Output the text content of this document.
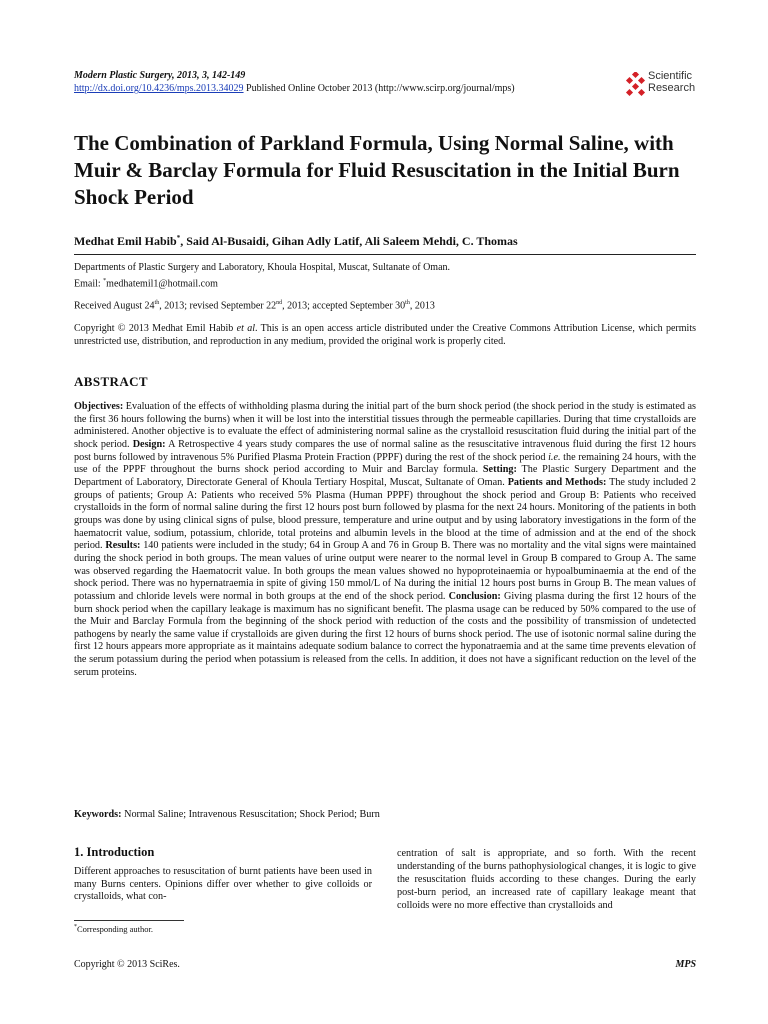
Modern Plastic Surgery, 2013, 3, 142-149
http://dx.doi.org/10.4236/mps.2013.34029 Published Online October 2013 (http://www.scirp.org/journal/mps)
Scientific
Research
The Combination of Parkland Formula, Using Normal Saline, with Muir & Barclay Formula for Fluid Resuscitation in the Initial Burn Shock Period
Medhat Emil Habib*, Said Al-Busaidi, Gihan Adly Latif, Ali Saleem Mehdi, C. Thomas
Departments of Plastic Surgery and Laboratory, Khoula Hospital, Muscat, Sultanate of Oman.
Email: *medhatemil1@hotmail.com
Received August 24th, 2013; revised September 22nd, 2013; accepted September 30th, 2013
Copyright © 2013 Medhat Emil Habib et al. This is an open access article distributed under the Creative Commons Attribution License, which permits unrestricted use, distribution, and reproduction in any medium, provided the original work is properly cited.
ABSTRACT
Objectives: Evaluation of the effects of withholding plasma during the initial part of the burn shock period (the shock period in the study is estimated as the first 36 hours following the burns) when it will be lost into the interstitial tissues through the permeable capillaries. During that time crystalloids are administered. Another objective is to evaluate the effect of administering normal saline as the crystalloid resuscitation fluid during the initial part of the shock period. Design: A Retrospective 4 years study compares the use of normal saline as the resuscitative intravenous fluid during the first 12 hours post burns followed by intravenous 5% Purified Plasma Protein Fraction (PPPF) during the rest of the shock period i.e. the remaining 24 hours, with the use of the PPPF throughout the burns shock period according to Muir and Barclay formula. Setting: The Plastic Surgery Department and the Department of Laboratory, Directorate General of Khoula Tertiary Hospital, Muscat, Sultanate of Oman. Patients and Methods: The study included 2 groups of patients; Group A: Patients who received 5% Plasma (Human PPPF) throughout the shock period and Group B: Patients who received crystalloids in the form of normal saline during the first 12 hours post burn followed by plasma for the next 24 hours. Monitoring of the patients in both groups was done by using clinical signs of pulse, blood pressure, temperature and urine output and by using laboratory investigations in the form of the haematocrit value, sodium, potassium, chloride, total proteins and albumin levels in the blood at the time of admission and at the end of the shock period. Results: 140 patients were included in the study; 64 in Group A and 76 in Group B. There was no mortality and the vital signs were maintained during the shock period in both groups. The mean values of urine output were nearer to the normal level in Group B compared to Group A. The same was observed regarding the Haematocrit value. In both groups the mean values showed no hypoproteinaemia or hypoalbuminaemia at the end of the shock period. There was no hypernatraemia in spite of giving 150 mmol/L of Na during the initial 12 hours post burns in Group B. The mean values of potassium and chloride levels were normal in both groups at the end of the shock period. Conclusion: Giving plasma during the first 12 hours of the burn shock period when the capillary leakage is maximum has no significant benefit. The plasma usage can be reduced by 50% compared to the use of the Muir and Barclay Formula from the beginning of the shock period with reduction of the costs and the possibility of transmission of undetected pathogens by nearly the same value if crystalloids are given during the first 12 hours of burns shock period. The use of isotonic normal saline during the first 12 hours appears more appropriate as it maintains adequate sodium balance to correct the hyponatraemia and at the same time prevents elevation of the serum potassium during the period when potassium is released from the cells. In addition, it does not have a significant reduction on the level of the serum proteins.
Keywords: Normal Saline; Intravenous Resuscitation; Shock Period; Burn
1. Introduction
Different approaches to resuscitation of burnt patients have been used in many Burns centers. Opinions differ over whether to give colloids or crystalloids, what con-
*Corresponding author.
centration of salt is appropriate, and so forth. With the recent understanding of the burns pathophysiological changes, it is logic to give the resuscitation fluids according to these changes. During the early post-burn period, an increased rate of capillary leakage meant that colloids were no more effective than crystalloids and
Copyright © 2013 SciRes.	MPS
